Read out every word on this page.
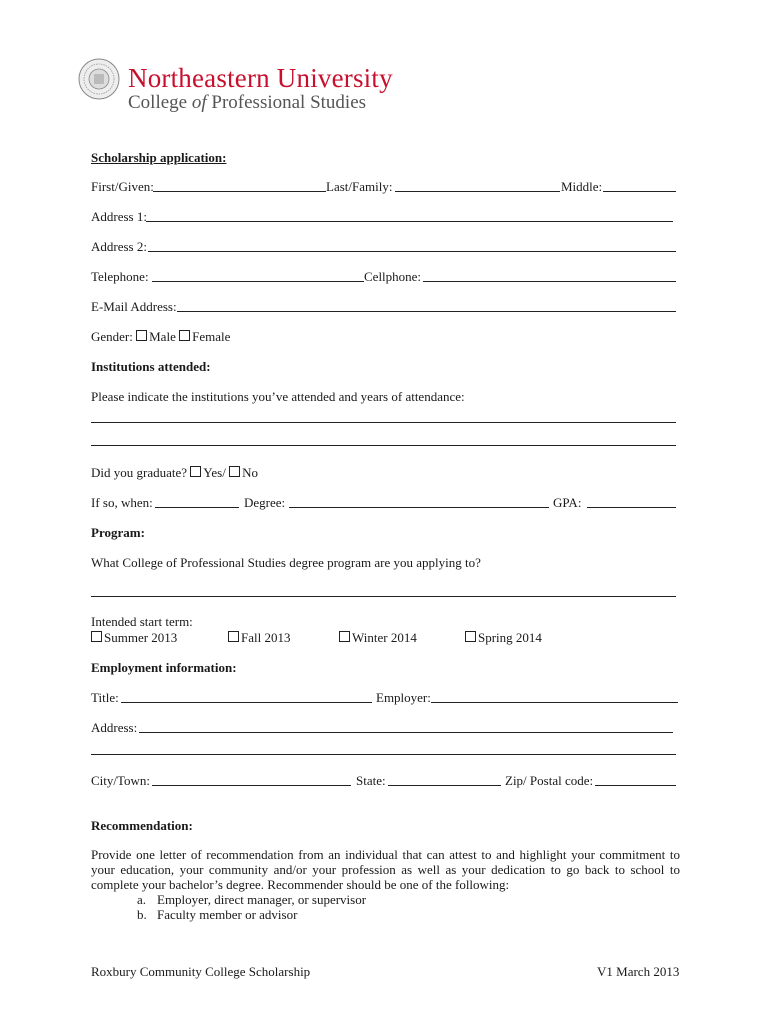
Northeastern University
College of Professional Studies
Scholarship application:
First/Given:	Last/Family:	Middle:
Address 1:
Address 2:
Telephone:	Cellphone:
E-Mail Address:
Gender: Male Female
Institutions attended:
Please indicate the institutions you’ve attended and years of attendance:
Did you graduate? Yes/ No
If so, when:	Degree:	GPA:
Program:
What College of Professional Studies degree program are you applying to?
Intended start term:
Summer 2013	Fall 2013	Winter 2014	Spring 2014
Employment information:
Title:	Employer:
Address:
City/Town:	State:	Zip/ Postal code:
Recommendation:
Provide one letter of recommendation from an individual that can attest to and highlight your commitment to your education, your community and/or your profession as well as your dedication to go back to school to complete your bachelor’s degree. Recommender should be one of the following:
a. Employer, direct manager, or supervisor
b. Faculty member or advisor
Roxbury Community College Scholarship	V1 March 2013
